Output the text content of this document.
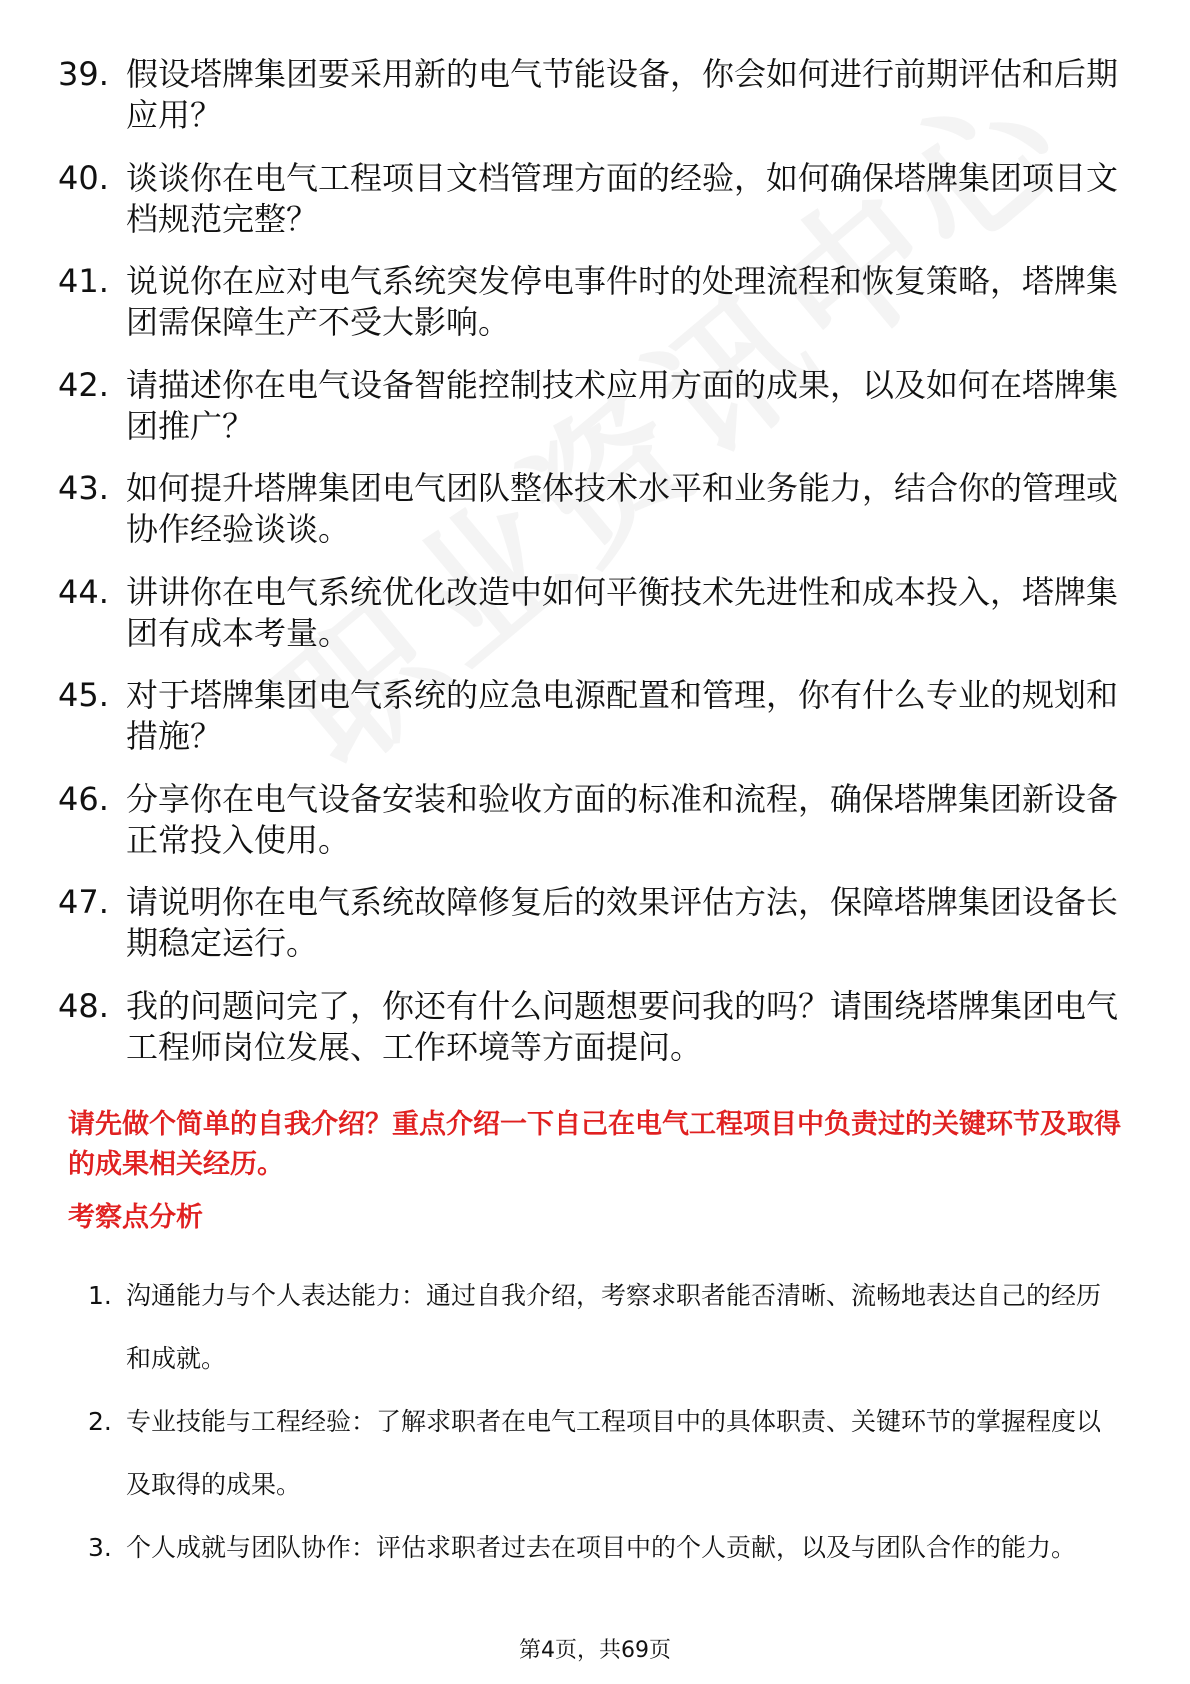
39. 假设塔牌集团要采用新的电气节能设备，你会如何进行前期评估和后期应用？
40. 谈谈你在电气工程项目文档管理方面的经验，如何确保塔牌集团项目文档规范完整？
41. 说说你在应对电气系统突发停电事件时的处理流程和恢复策略，塔牌集团需保障生产不受大影响。
42. 请描述你在电气设备智能控制技术应用方面的成果，以及如何在塔牌集团推广？
43. 如何提升塔牌集团电气团队整体技术水平和业务能力，结合你的管理或协作经验谈谈。
44. 讲讲你在电气系统优化改造中如何平衡技术先进性和成本投入，塔牌集团有成本考量。
45. 对于塔牌集团电气系统的应急电源配置和管理，你有什么专业的规划和措施？
46. 分享你在电气设备安装和验收方面的标准和流程，确保塔牌集团新设备正常投入使用。
47. 请说明你在电气系统故障修复后的效果评估方法，保障塔牌集团设备长期稳定运行。
48. 我的问题问完了，你还有什么问题想要问我的吗？请围绕塔牌集团电气工程师岗位发展、工作环境等方面提问。

请先做个简单的自我介绍？重点介绍一下自己在电气工程项目中负责过的关键环节及取得的成果相关经历。

考察点分析

1. 沟通能力与个人表达能力：通过自我介绍，考察求职者能否清晰、流畅地表达自己的经历和成就。
2. 专业技能与工程经验：了解求职者在电气工程项目中的具体职责、关键环节的掌握程度以及取得的成果。
3. 个人成就与团队协作：评估求职者过去在项目中的个人贡献，以及与团队合作的能力。
第4页，共69页
